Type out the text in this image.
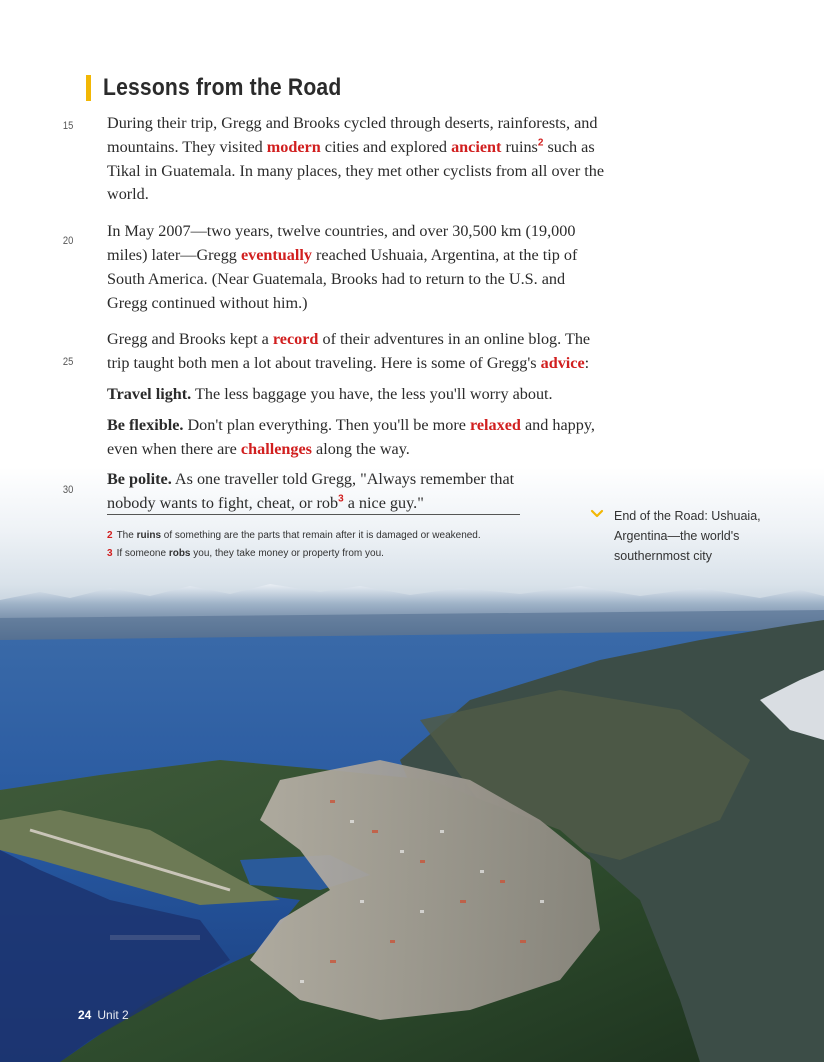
Lessons from the Road
15
20
25
30

During their trip, Gregg and Brooks cycled through deserts, rainforests, and mountains. They visited modern cities and explored ancient ruins$^2$ such as Tikal in Guatemala. In many places, they met other cyclists from all over the world.

In May 2007—two years, twelve countries, and over 30,500 km (19,000 miles) later—Gregg eventually reached Ushuaia, Argentina, at the tip of South America. (Near Guatemala, Brooks had to return to the U.S. and Gregg continued without him.)

Gregg and Brooks kept a record of their adventures in an online blog. The trip taught both men a lot about traveling. Here is some of Gregg's advice:

Travel light. The less baggage you have, the less you'll worry about.

Be flexible. Don't plan everything. Then you'll be more relaxed and happy, even when there are challenges along the way.

Be polite. As one traveller told Gregg, "Always remember that nobody wants to fight, cheat, or rob$^3$ a nice guy."

2 The ruins of something are the parts that remain after it is damaged or weakened.
3 If someone robs you, they take money or property from you.
End of the Road: Ushuaia, Argentina—the world's southernmost city
24 Unit 2
